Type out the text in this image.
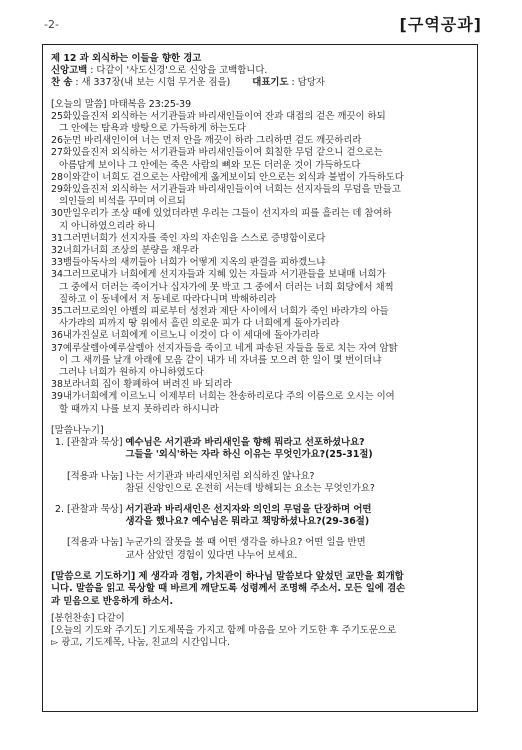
-2-	[구역공과]
제 12 과 외식하는 이들을 향한 경고
신앙고백 : 다같이 '사도신경'으로 신앙을 고백합니다.
찬 송 : 새 337장(내 보는 시험 무거운 짐을) 대표기도 : 담당자
[오늘의 말씀] 마태복음 23:25-39
25화 있을진저 외식하는 서기관들과 바리새인들이여 잔과 대접의 겉은 깨끗이 하되
그 안에는 탐욕과 방탕으로 가득하게 하는도다
26눈 먼 바리새인이여 너는 먼저 안을 깨끗이 하라 그리하면 겉도 깨끗하리라
27화 있을진저 외식하는 서기관들과 바리새인들이여 회칠한 무덤 같으니 겉으로는
아름답게 보이나 그 안에는 죽은 사람의 뼈와 모든 더러운 것이 가득하도다
28이와 같이 너희도 겉으로는 사람에게 옳게보이되 안으로는 외식과 불법이 가득하도다
29화 있을진저 외식하는 서기관들과 바리새인들이여 너희는 선지자들의 무덤을 만들고
의인들의 비석을 꾸미며 이르되
30만일 우리가 조상 때에 있었더라면 우리는 그들이 선지자의 피를 흘리는 데 참여하
지 아니하였으리라 하니
31그러면 너희가 선지자를 죽인 자의 자손임을 스스로 증명함이로다
32너희가 너희 조상의 분량을 채우라
33뱀들아 독사의 새끼들아 너희가 어떻게 지옥의 판결을 피하겠느냐
34그러므로 내가 너희에게 선지자들과 지혜 있는 자들과 서기관들을 보내매 너희가
그 중에서 더러는 죽이거나 십자가에 못 박고 그 중에서 더러는 너희 회당에서 채찍
질하고 이 동네에서 저 동네로 따라다니며 박해하리라
35그러므로 의인 아벨의 피로부터 성전과 제단 사이에서 너희가 죽인 바라갸의 아들
사가랴의 피까지 땅 위에서 흘린 의로운 피가 다 너희에게 돌아가리라
36내가 진실로 너희에게 이르노니 이것이 다 이 세대에 돌아가리라
37예루살렘아 예루살렘아 선지자들을 죽이고 네게 파송된 자들을 돌로 치는 자여 암탉
이 그 새끼를 날개 아래에 모음 같이 내가 네 자녀를 모으려 한 일이 몇 번이더냐
그러나 너희가 원하지 아니하였도다
38보라 너희 집이 황폐하여 버려진 바 되리라
39내가 너희에게 이르노니 이제부터 너희는 찬송하리로다 주의 이름으로 오시는 이여
할 때까지 나를 보지 못하리라 하시니라
[말씀나누기]
1. [관찰과 묵상] 예수님은 서기관과 바리새인을 향해 뭐라고 선포하셨나요?
그들을 '외식'하는 자라 하신 이유는 무엇인가요?(25-31절)
[적용과 나눔] 나는 서기관과 바리새인처럼 외식하진 않나요?
참된 신앙인으로 온전히 서는데 방해되는 요소는 무엇인가요?
2. [관찰과 묵상] 서기관과 바리새인은 선지자와 의인의 무덤을 단장하며 어떤
생각을 했나요? 예수님은 뭐라고 책망하셨나요?(29-36절)
[적용과 나눔] 누군가의 잘못을 볼 때 어떤 생각을 하나요? 어떤 일을 반면
교사 삼았던 경험이 있다면 나누어 보세요.
[말씀으로 기도하기] 제 생각과 경험, 가치관이 하나님 말씀보다 앞섰던 교만을 회개합
니다. 말씀을 읽고 묵상할 때 바르게 깨닫도록 성령께서 조명해 주소서. 모든 일에 겸손
과 믿음으로 반응하게 하소서.
[봉헌찬송] 다같이
[오늘의 기도와 주기도] 기도제목을 가지고 함께 마음을 모아 기도한 후 주기도문으로
▻ 광고, 기도제목, 나눔, 친교의 시간입니다.
